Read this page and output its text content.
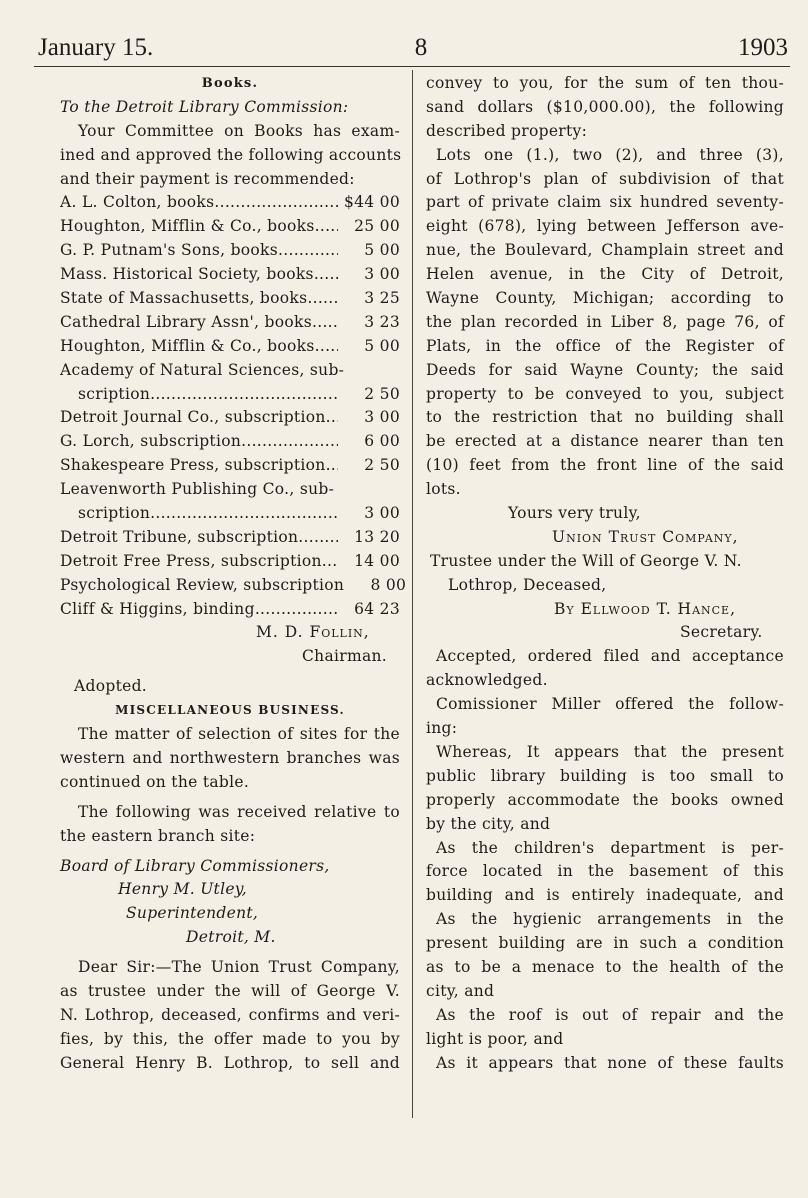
January 15.	8	1903
Books.
To the Detroit Library Commission:
Your Committee on Books has exam-
ined and approved the following accounts
and their payment is recommended:
A. L. Colton, books .....	$44 00
Houghton, Mifflin & Co., books .....	25 00
G. P. Putnam's Sons, books .....	5 00
Mass. Historical Society, books .....	3 00
State of Massachusetts, books .....	3 25
Cathedral Library Assn', books .....	3 23
Houghton, Mifflin & Co., books .....	5 00
Academy of Natural Sciences, sub-
scription .....	2 50
Detroit Journal Co., subscription .....	3 00
G. Lorch, subscription .....	6 00
Shakespeare Press, subscription .....	2 50
Leavenworth Publishing Co., sub-
scription .....	3 00
Detroit Tribune, subscription .....	13 20
Detroit Free Press, subscription .....	14 00
Psychological Review, subscription	8 00
Cliff & Higgins, binding .....	64 23
M. D. Follin,
Chairman.
Adopted.
MISCELLANEOUS BUSINESS.
The matter of selection of sites for the
western and northwestern branches was
continued on the table.
The following was received relative to
the eastern branch site:
Board of Library Commissioners,
Henry M. Utley,
Superintendent,
Detroit, M.
Dear Sir:—The Union Trust Company,
as trustee under the will of George V.
N. Lothrop, deceased, confirms and veri-
fies, by this, the offer made to you by
General Henry B. Lothrop, to sell and
convey to you, for the sum of ten thou-
sand dollars ($10,000.00), the following
described property:
Lots one (1.), two (2), and three (3),
of Lothrop's plan of subdivision of that
part of private claim six hundred seventy-
eight (678), lying between Jefferson ave-
nue, the Boulevard, Champlain street and
Helen avenue, in the City of Detroit,
Wayne County, Michigan; according to
the plan recorded in Liber 8, page 76, of
Plats, in the office of the Register of
Deeds for said Wayne County; the said
property to be conveyed to you, subject
to the restriction that no building shall
be erected at a distance nearer than ten
(10) feet from the front line of the said
lots.
Yours very truly,
Union Trust Company,
Trustee under the Will of George V. N.
Lothrop, Deceased,
By Ellwood T. Hance,
Secretary.
Accepted, ordered filed and acceptance
acknowledged.
Comissioner Miller offered the follow-
ing:
Whereas, It appears that the present
public library building is too small to
properly accommodate the books owned
by the city, and
As the children's department is per-
force located in the basement of this
building and is entirely inadequate, and
As the hygienic arrangements in the
present building are in such a condition
as to be a menace to the health of the
city, and
As the roof is out of repair and the
light is poor, and
As it appears that none of these faults
